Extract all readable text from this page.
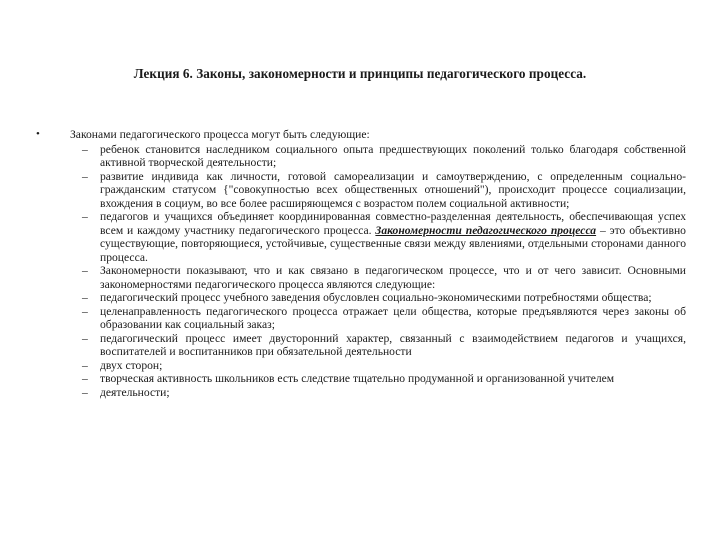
Лекция 6. Законы, закономерности и принципы педагогического процесса.
•	Законами педагогического процесса могут быть следующие:
– ребенок становится наследником социального опыта предшествующих поколений только благодаря собственной активной творческой деятельности;
– развитие индивида как личности, готовой самореализации и самоутверждению, с определенным социально-гражданским статусом {"совокупностью всех общественных отношений"), происходит процессе социализации, вхождения в социум, во все более расширяющемся с возрастом полем социальной активности;
– педагогов и учащихся объединяет координированная совместно-разделенная деятельность, обеспечивающая успех всем и каждому участнику педагогического процесса. Закономерности педагогического процесса – это объективно существующие, повторяющиеся, устойчивые, существенные связи между явлениями, отдельными сторонами данного процесса.
– Закономерности показывают, что и как связано в педагогическом процессе, что и от чего зависит. Основными закономерностями педагогического процесса являются следующие:
– педагогический процесс учебного заведения обусловлен социально-экономическими потребностями общества;
– целенаправленность педагогического процесса отражает цели общества, которые предъявляются через законы об образовании как социальный заказ;
– педагогический процесс имеет двусторонний характер, связанный с взаимодействием педагогов и учащихся, воспитателей и воспитанников при обязательной деятельности
– двух сторон;
– творческая активность школьников есть следствие тщательно продуманной и организованной учителем
– деятельности;
